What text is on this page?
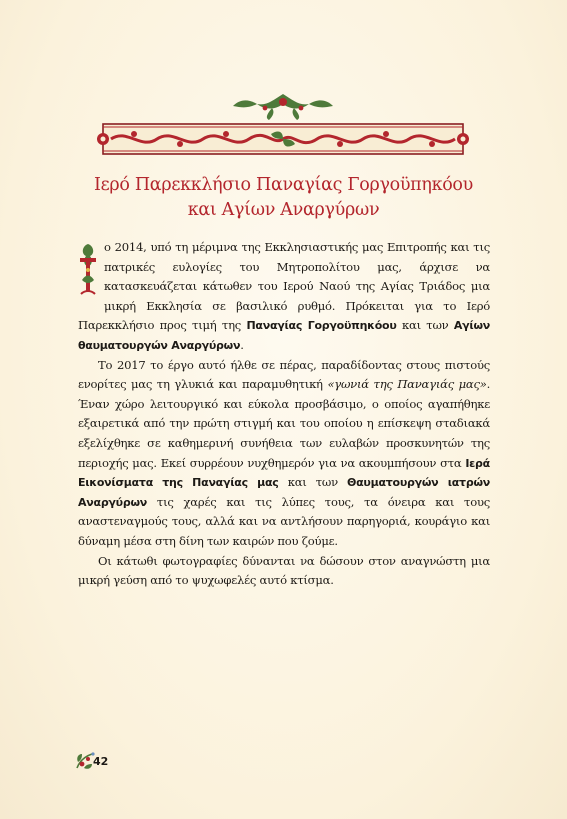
Ιερό Παρεκκλήσιο Παναγίας Γοργοϋπηκόου
και Αγίων Αναργύρων

ο 2014, υπό τη μέριμνα της Εκκλησιαστικής μας Επιτροπής και τις πατρικές ευλογίες του Μητροπολίτου μας, άρχισε να κατασκευάζεται κάτωθεν του Ιερού Ναού της Αγίας Τριάδος μια μικρή Εκκλησία σε βασιλικό ρυθμό. Πρόκειται για το Ιερό Παρεκκλήσιο προς τιμή της Παναγίας Γοργοϋπηκόου και των Αγίων θαυματουργών Αναργύρων.

Το 2017 το έργο αυτό ήλθε σε πέρας, παραδίδοντας στους πιστούς ενορίτες μας τη γλυκιά και παραμυθητική «γωνιά της Παναγιάς μας». Έναν χώρο λειτουργικό και εύκολα προσβάσιμο, ο οποίος αγαπήθηκε εξαιρετικά από την πρώτη στιγμή και του οποίου η επίσκεψη σταδιακά εξελίχθηκε σε καθημερινή συνήθεια των ευλαβών προσκυνητών της περιοχής μας. Εκεί συρρέουν νυχθημερόν για να ακουμπήσουν στα Ιερά Εικονίσματα της Παναγίας μας και των Θαυματουργών ιατρών Αναργύρων τις χαρές και τις λύπες τους, τα όνειρα και τους αναστεναγμούς τους, αλλά και να αντλήσουν παρηγοριά, κουράγιο και δύναμη μέσα στη δίνη των καιρών που ζούμε.

Οι κάτωθι φωτογραφίες δύνανται να δώσουν στον αναγνώστη μια μικρή γεύση από το ψυχωφελές αυτό κτίσμα.

42
